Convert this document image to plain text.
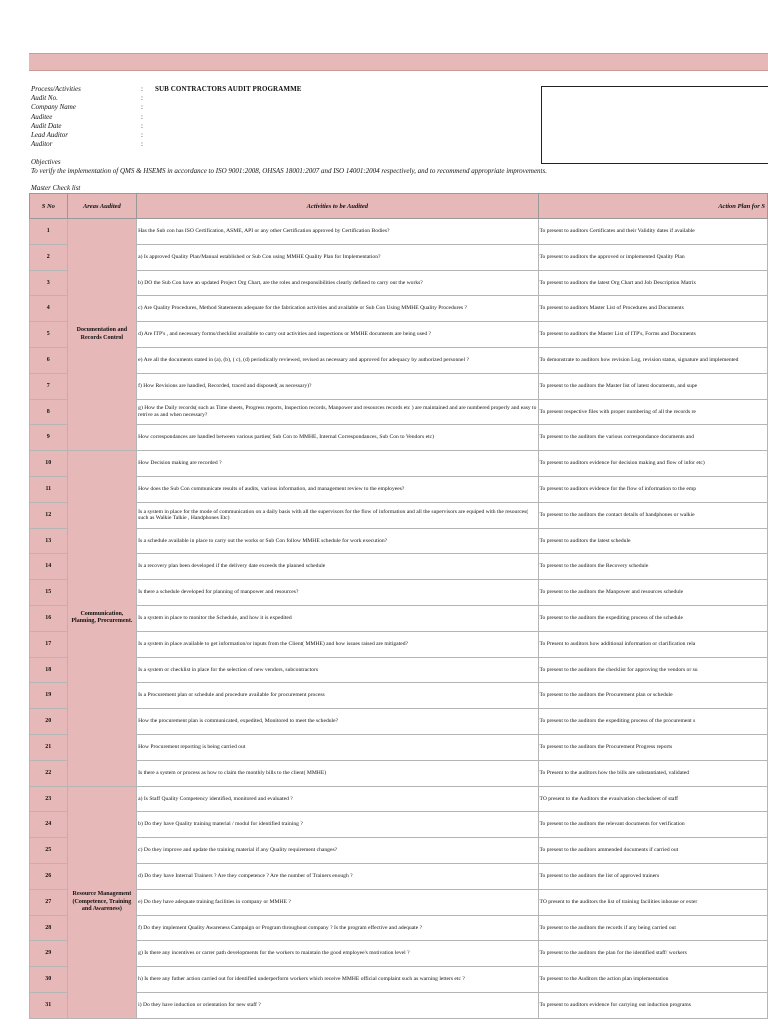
Process/Activities	:	SUB CONTRACTORS AUDIT PROGRAMME
Audit No.	:
Company Name	:
Auditee	:
Audit Date	:
Lead Auditor	:
Auditor	:
Objectives
To verify the implementation of QMS & HSEMS in accordance to ISO 9001:2008, OHSAS 18001:2007 and ISO 14001:2004 respectively, and to recommend appropriate improvements.
Master Check list
S No	Areas Audited	Activities to be Audited	Action Plan for S
1	Documentation and Records Control	Has the Sub con has ISO Certification, ASME, API or any other Certification approved by Certification Bodies?	To present to auditors Certificates and their Validity dates if available
2		a) Is approved Quality Plan/Manual established or Sub Con using MMHE Quality Plan for Implementation?	To present to auditors the approved or implemented Quality Plan
3		b) DO the Sub Con have an updated Project Org Chart, are the roles and responsibilities clearly defined to carry out the works?	To present to auditors the latest Org Chart and Job Description Matrix
4		c) Are Quality Procedures, Method Statements adequate for the fabrication activities and available or Sub Con Using MMHE Quality Procedures ?	To present to auditors Master List of Procedures and Documents
5		d) Are ITP's , and necessary forms/checklist available to carry out activities and inspections or MMHE documents are being used ?	To present to auditors the Master List of ITP's, Forms and Documents
6		e) Are all the documents stated in (a), (b), ( c), (d) periodically reviewed, revised as necessary and approved for adequacy by authorized personnel ?	To demonstrate to auditors how revision Log, revision status, signature and implemented
7		f) How Revisions are handled, Recorded, traced and disposed( as necessary)?	To present to the auditors the Master list of latest documents, and supe
8		g) How the Daily records( such as Time sheets, Progress reports, Inspection records, Manpower and resources records etc ) are maintained and are numbered properly and easy to retrive as and when necessary?	To present respective files with proper numbering of all the records re
9		How correspondances are handled between various parties( Sub Con to MMHE, Internal Correspondances, Sub Con to Vendors etc)	To present to the auditors the various correspondance documents and
10	Communication, Planning, Procurement.	How Decision making are recorded ?	To present to auditors evidence for decision making and flow of infor etc)
11		How does the Sub Con communicate results of audits, various information, and management review to the employees?	To present to auditors evidence for the flow of information to the emp
12		Is a system in place for the mode of communication on a daily basis with all the supervisors for the flow of information and all the supervisors are equiped with the resources( such as Walkie Talkie , Handphones Etc)	To present to the auditors the contact details of handphones or walkie
13		Is a schedule available in place to carry out the works or Sub Con follow MMHE schedule for work execution?	To present to auditors the latest schedule
14		Is a recovery plan been developed if the delivery date exceeds the planned schedule	To present to the auditors the Recovery schedule
15		Is there a schedule developed for planning of manpower and resources?	To present to the auditors the Manpower and resources schedule
16		Is a system in place to monitor the Schedule, and how it is expedited	To present to the auditors the expediting process of the schedule
17		Is a system in place available to get information/or inputs from the Client( MMHE) and how issues raised are mitigated?	To Present to auditors how additional information or clarification rela
18		Is a system or checklist in place for the selection of new vendors, subcontractors	To present to the auditors the checklist for approving the vendors or su
19		Is a Procurement plan or schedule and procedure available for procurement process	To present to the auditors the Procurement plan or schedule
20		How the procurement plan is communicated, expedited, Monitored to meet the schedule?	To present to the auditors the expediting process of the procurement s
21		How Procurement reporting is being carried out	To present to the auditors the Procurement Progress reports
22		Is there a system or process as how to claim the monthly bills to the client( MMHE)	To Present to the auditors how the bills are substantiated, validated
23	Resource Management (Competence, Training and Awareness)	a) Is Staff Quality Competency identified, monitored and evaluated ?	TO present to the Auditors the evaulvation checksheet of staff
24		b) Do they have Quality training material / modul for identified training ?	To present to the auditors the relevant documents for verification
25		c) Do they improve and update the training material if any Quality requirement changes?	To present to the auditors ammended documents if carried out
26		d) Do they have Internal Trainers ? Are they competence ? Are the number of Trainers enough ?	To present to the auditors the list of approved trainers
27		e) Do they have adequate training facilities in company or MMHE ?	TO present to the auditors the list of training facilities inhouse or exter
28		f) Do they implement Quality Awareness Campaign or Program throughout company ? Is the program effective and adequate ?	To present to the auditors the records if any being carried out
29		g) Is there any incentives or carrer path developments for the workers to maintain the good employee's motivation level ?	To present to the auditors the plan for the identified staff/ workers
30		h) Is there any futher action carried out for identified underperform workers which receive MMHE official complaint such as warning letters etc ?	To present to the Auditors the action plan implementation
31		i) Do they have induction or orientation for new staff ?	To present to auditors evidence for carrying out induction programs
